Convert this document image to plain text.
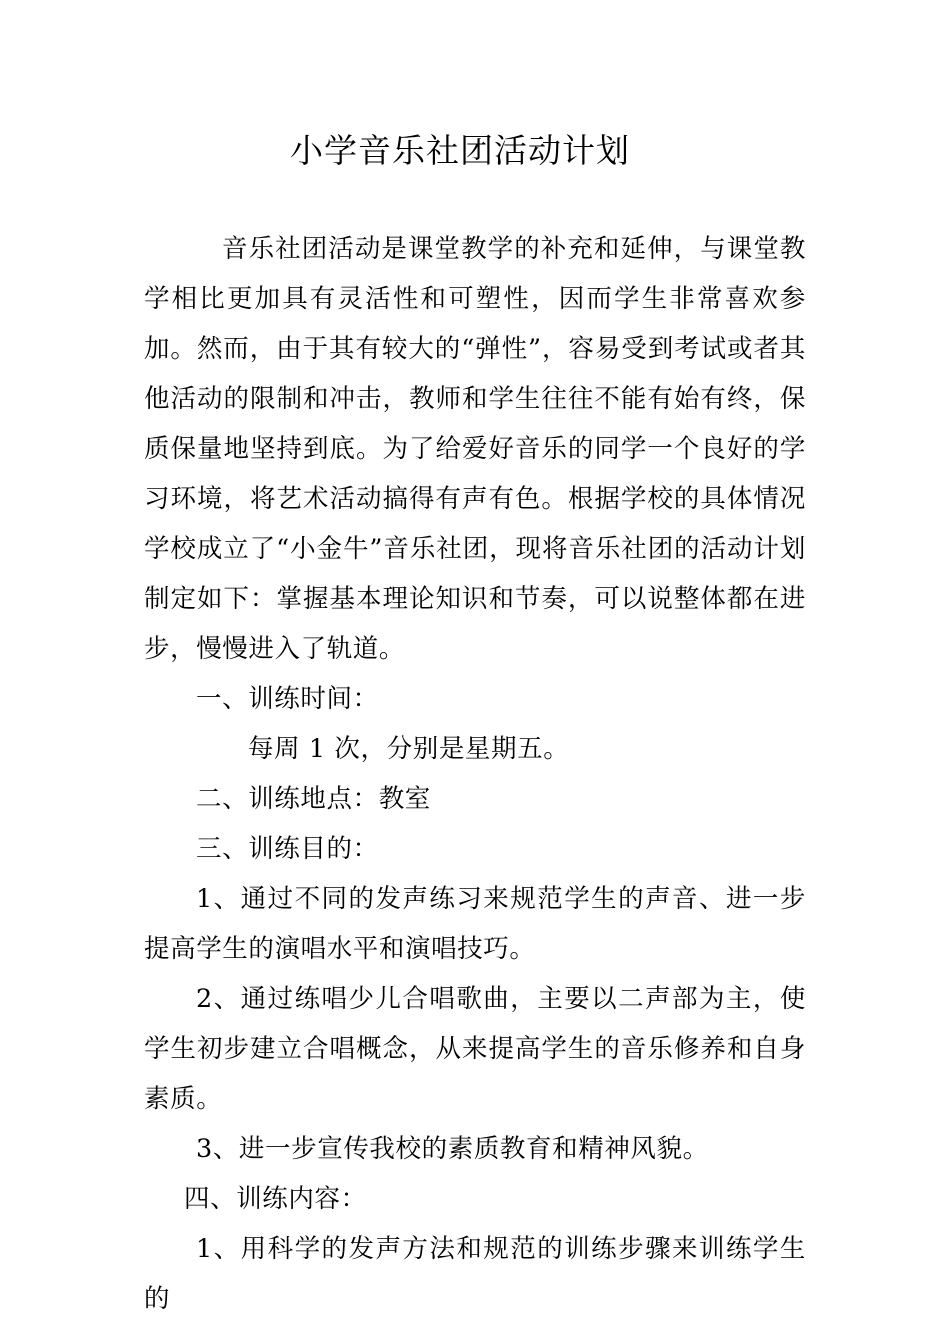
小学音乐社团活动计划

音乐社团活动是课堂教学的补充和延伸，与课堂教学相比更加具有灵活性和可塑性，因而学生非常喜欢参加。然而，由于其有较大的“弹性”，容易受到考试或者其他活动的限制和冲击，教师和学生往往不能有始有终，保质保量地坚持到底。为了给爱好音乐的同学一个良好的学习环境，将艺术活动搞得有声有色。根据学校的具体情况学校成立了“小金牛”音乐社团，现将音乐社团的活动计划制定如下：掌握基本理论知识和节奏，可以说整体都在进步，慢慢进入了轨道。

一、训练时间：

每周 1 次，分别是星期五。

二、训练地点：教室

三、训练目的：

1、通过不同的发声练习来规范学生的声音、进一步提高学生的演唱水平和演唱技巧。

2、通过练唱少儿合唱歌曲，主要以二声部为主，使学生初步建立合唱概念，从来提高学生的音乐修养和自身素质。

3、进一步宣传我校的素质教育和精神风貌。

四、训练内容：

1、用科学的发声方法和规范的训练步骤来训练学生的
